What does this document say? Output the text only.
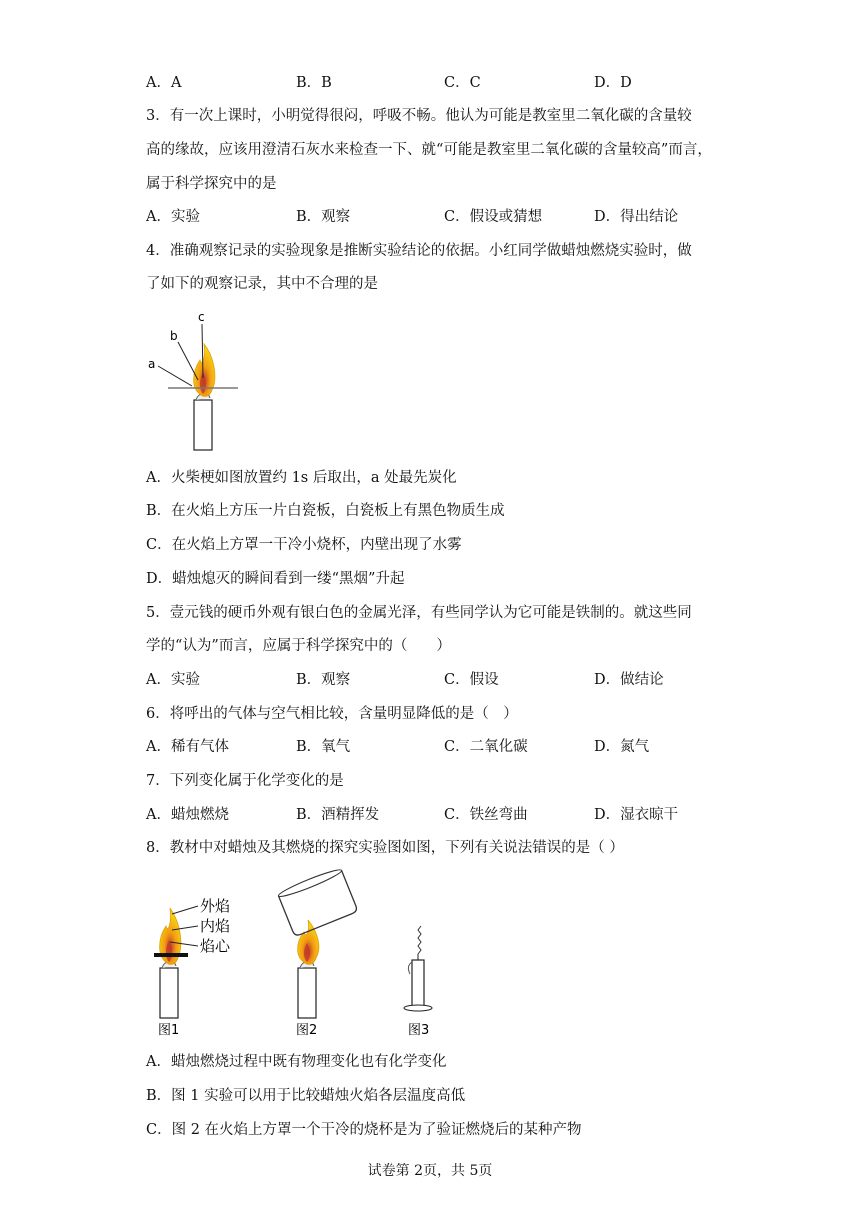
A．A	B．B	C．C	D．D
3．有一次上课时，小明觉得很闷，呼吸不畅。他认为可能是教室里二氧化碳的含量较
高的缘故，应该用澄清石灰水来检查一下、就“可能是教室里二氧化碳的含量较高”而言，
属于科学探究中的是
A．实验	B．观察	C．假设或猜想	D．得出结论
4．准确观察记录的实验现象是推断实验结论的依据。小红同学做蜡烛燃烧实验时，做
了如下的观察记录，其中不合理的是
a
b
c
A．火柴梗如图放置约 1s 后取出，a 处最先炭化
B．在火焰上方压一片白瓷板，白瓷板上有黑色物质生成
C．在火焰上方罩一干冷小烧杯，内壁出现了水雾
D．蜡烛熄灭的瞬间看到一缕“黑烟”升起
5．壹元钱的硬币外观有银白色的金属光泽，有些同学认为它可能是铁制的。就这些同
学的“认为”而言，应属于科学探究中的（　　）
A．实验	B．观察	C．假设	D．做结论
6．将呼出的气体与空气相比较，含量明显降低的是（　）
A．稀有气体	B．氧气	C．二氧化碳	D．氮气
7．下列变化属于化学变化的是
A．蜡烛燃烧	B．酒精挥发	C．铁丝弯曲	D．湿衣晾干
8．教材中对蜡烛及其燃烧的探究实验图如图，下列有关说法错误的是（ ）
外焰
内焰
焰心
图1	图2	图3
A．蜡烛燃烧过程中既有物理变化也有化学变化
B．图 1 实验可以用于比较蜡烛火焰各层温度高低
C．图 2 在火焰上方罩一个干冷的烧杯是为了验证燃烧后的某种产物
试卷第 2页，共 5页
